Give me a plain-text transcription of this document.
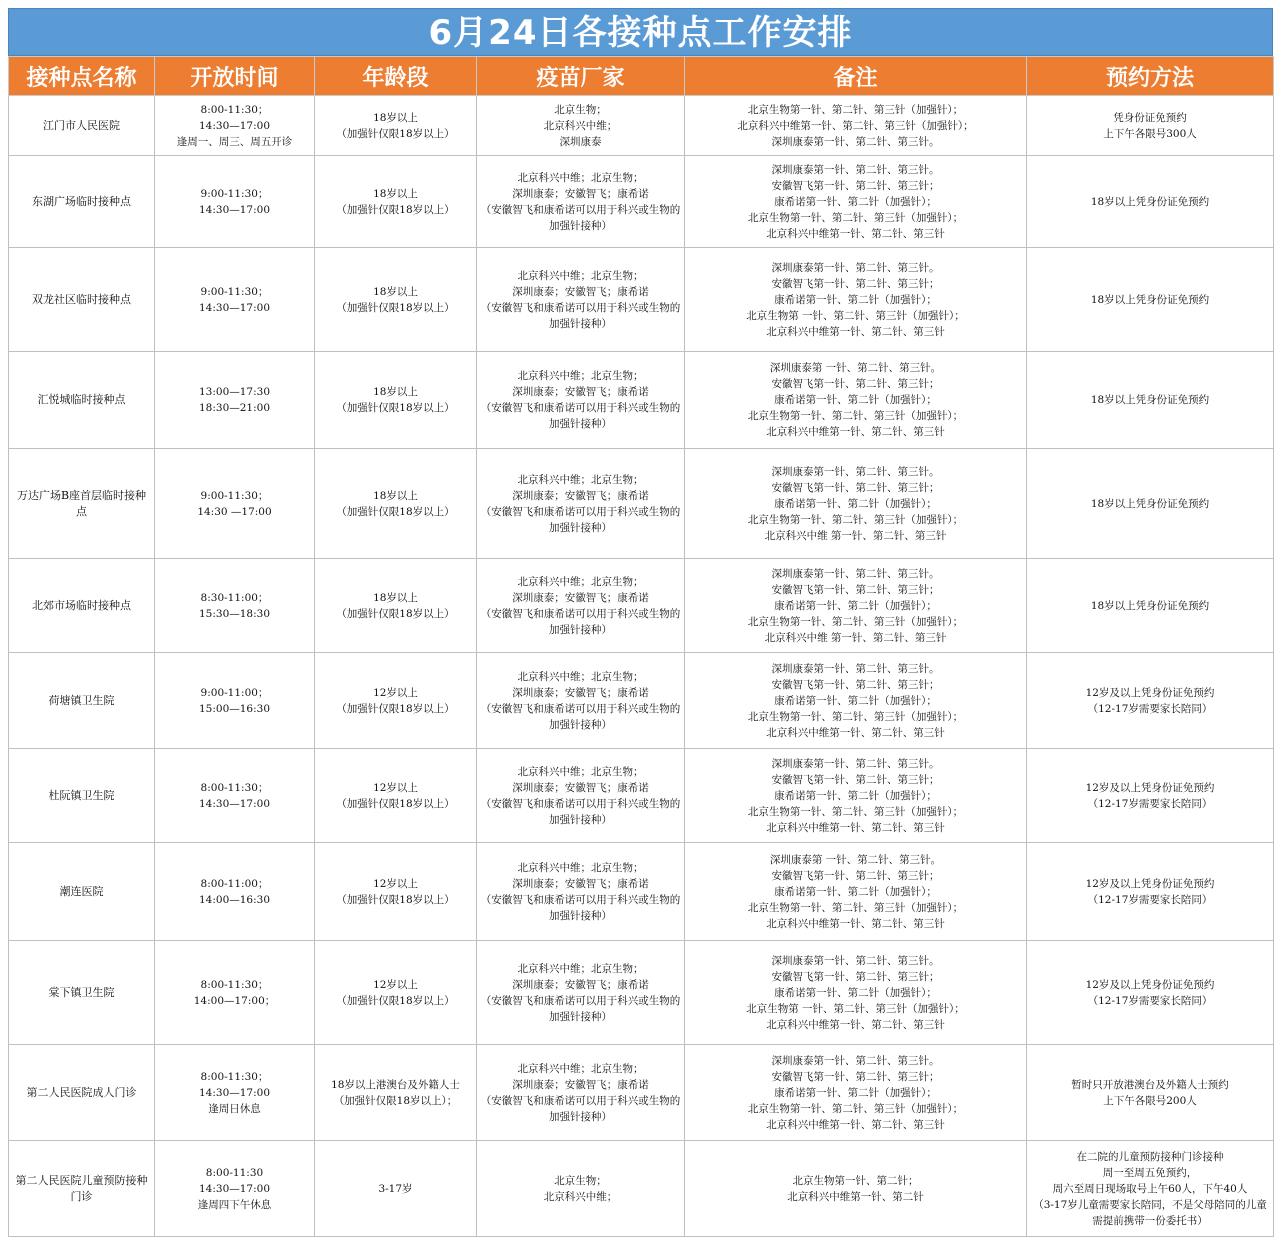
6月24日各接种点工作安排
接种点名称	开放时间	年龄段	疫苗厂家	备注	预约方法
江门市人民医院	8:00-11:30；
14:30—17:00
逢周一、周三、周五开诊	18岁以上
（加强针仅限18岁以上）	北京生物；
北京科兴中维；
深圳康泰	北京生物第一针、第二针、第三针（加强针）；
北京科兴中维第一针、第二针、第三针（加强针）；
深圳康泰第一针、第二针、第三针。	凭身份证免预约
上下午各限号300人
东湖广场临时接种点	9:00-11:30；
14:30—17:00	18岁以上
（加强针仅限18岁以上）	北京科兴中维；北京生物；
深圳康泰；安徽智飞；康希诺
（安徽智飞和康希诺可以用于科兴或生物的加强针接种）	深圳康泰第一针、第二针、第三针。
安徽智飞第一针、第二针、第三针；
康希诺第一针、第二针（加强针）；
北京生物第一针、第二针、第三针（加强针）；
北京科兴中维第一针、第二针、第三针	18岁以上凭身份证免预约
双龙社区临时接种点	9:00-11:30；
14:30—17:00	18岁以上
（加强针仅限18岁以上）	北京科兴中维；北京生物；
深圳康泰；安徽智飞；康希诺
（安徽智飞和康希诺可以用于科兴或生物的加强针接种）	深圳康泰第一针、第二针、第三针。
安徽智飞第一针、第二针、第三针；
康希诺第一针、第二针（加强针）；
北京生物第 一针、第二针、第三针（加强针）；
北京科兴中维第一针、第二针、第三针	18岁以上凭身份证免预约
汇悦城临时接种点	13:00—17:30
18:30—21:00	18岁以上
（加强针仅限18岁以上）	北京科兴中维；北京生物；
深圳康泰；安徽智飞；康希诺
（安徽智飞和康希诺可以用于科兴或生物的加强针接种）	深圳康泰第 一针、第二针、第三针。
安徽智飞第一针、第二针、第三针；
康希诺第一针、第二针（加强针）；
北京生物第一针、第二针、第三针（加强针）；
北京科兴中维第一针、第二针、第三针	18岁以上凭身份证免预约
万达广场B座首层临时接种点	9:00-11:30；
14:30 —17:00	18岁以上
（加强针仅限18岁以上）	北京科兴中维；北京生物；
深圳康泰；安徽智飞；康希诺
（安徽智飞和康希诺可以用于科兴或生物的加强针接种）	深圳康泰第一针、第二针、第三针。
安徽智飞第一针、第二针、第三针；
康希诺第一针、第二针（加强针）；
北京生物第一针、第二针、第三针（加强针）；
北京科兴中维 第一针、第二针、第三针	18岁以上凭身份证免预约
北郊市场临时接种点	8:30-11:00；
15:30—18:30	18岁以上
（加强针仅限18岁以上）	北京科兴中维；北京生物；
深圳康泰；安徽智飞；康希诺
（安徽智飞和康希诺可以用于科兴或生物的加强针接种）	深圳康泰第一针、第二针、第三针。
安徽智飞第一针、第二针、第三针；
康希诺第一针、第二针（加强针）；
北京生物第一针、第二针、第三针（加强针）；
北京科兴中维 第一针、第二针、第三针	18岁以上凭身份证免预约
荷塘镇卫生院	9:00-11:00；
15:00—16:30	12岁以上
（加强针仅限18岁以上）	北京科兴中维；北京生物；
深圳康泰；安徽智飞；康希诺
（安徽智飞和康希诺可以用于科兴或生物的加强针接种）	深圳康泰第一针、第二针、第三针。
安徽智飞第一针、第二针、第三针；
康希诺第一针、第二针（加强针）；
北京生物第一针、第二针、第三针（加强针）；
北京科兴中维第一针、第二针、第三针	12岁及以上凭身份证免预约
（12-17岁需要家长陪同）
杜阮镇卫生院	8:00-11:30；
14:30—17:00	12岁以上
（加强针仅限18岁以上）	北京科兴中维；北京生物；
深圳康泰；安徽智飞；康希诺
（安徽智飞和康希诺可以用于科兴或生物的加强针接种）	深圳康泰第一针、第二针、第三针。
安徽智飞第一针、第二针、第三针；
康希诺第一针、第二针（加强针）；
北京生物第一针、第二针、第三针（加强针）；
北京科兴中维第一针、第二针、第三针	12岁及以上凭身份证免预约
（12-17岁需要家长陪同）
潮连医院	8:00-11:00；
14:00—16:30	12岁以上
（加强针仅限18岁以上）	北京科兴中维；北京生物；
深圳康泰；安徽智飞；康希诺
（安徽智飞和康希诺可以用于科兴或生物的加强针接种）	深圳康泰第 一针、第二针、第三针。
安徽智飞第一针、第二针、第三针；
康希诺第一针、第二针（加强针）；
北京生物第一针、第二针、第三针（加强针）；
北京科兴中维第一针、第二针、第三针	12岁及以上凭身份证免预约
（12-17岁需要家长陪同）
棠下镇卫生院	8:00-11:30；
14:00—17:00；	12岁以上
（加强针仅限18岁以上）	北京科兴中维；北京生物；
深圳康泰；安徽智飞；康希诺
（安徽智飞和康希诺可以用于科兴或生物的加强针接种）	深圳康泰第一针、第二针、第三针。
安徽智飞第一针、第二针、第三针；
康希诺第一针、第二针（加强针）；
北京生物第 一针、第二针、第三针（加强针）；
北京科兴中维第一针、第二针、第三针	12岁及以上凭身份证免预约
（12-17岁需要家长陪同）
第二人民医院成人门诊	8:00-11:30；
14:30—17:00
逢周日休息	18岁以上港澳台及外籍人士
（加强针仅限18岁以上）；	北京科兴中维；北京生物；
深圳康泰；安徽智飞；康希诺
（安徽智飞和康希诺可以用于科兴或生物的加强针接种）	深圳康泰第一针、第二针、第三针。
安徽智飞第一针、第二针、第三针；
康希诺第一针、第二针（加强针）；
北京生物第一针、第二针、第三针（加强针）；
北京科兴中维第一针、第二针、第三针	暂时只开放港澳台及外籍人士预约
上下午各限号200人
第二人民医院儿童预防接种门诊	8:00-11:30
14:30—17:00
逢周四下午休息	3-17岁	北京生物；
北京科兴中维；	北京生物第一针、第二针；
北京科兴中维第一针、第二针	在二院的儿童预防接种门诊接种
周一至周五免预约，
周六至周日现场取号上午60人，下午40人
（3-17岁儿童需要家长陪同，不是父母陪同的儿童需提前携带一份委托书）
